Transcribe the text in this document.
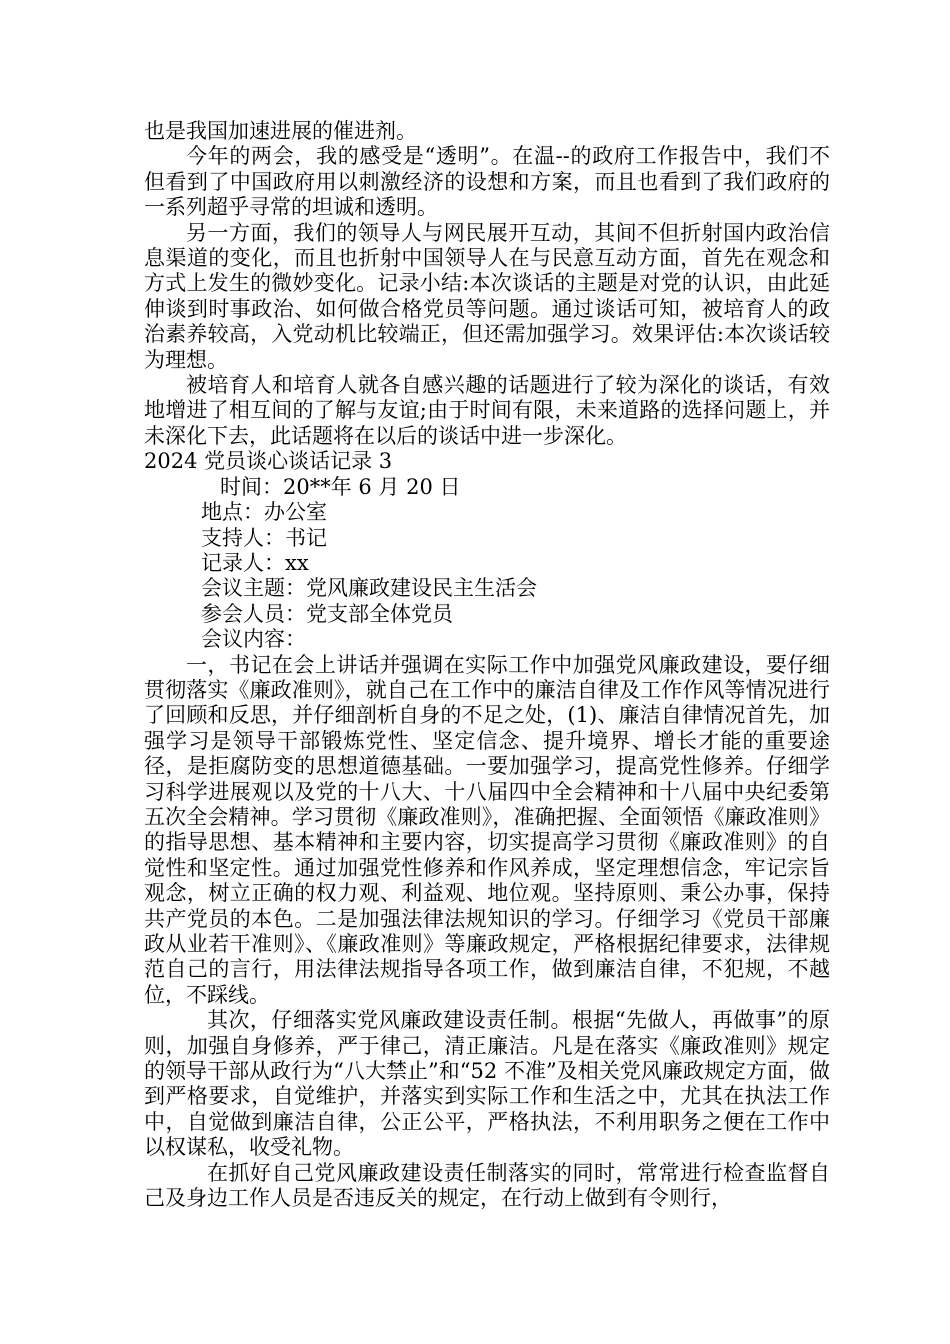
也是我国加速进展的催进剂。

今年的两会，我的感受是“透明”。在温--的政府工作报告中，我们不但看到了中国政府用以刺激经济的设想和方案，而且也看到了我们政府的一系列超乎寻常的坦诚和透明。

另一方面，我们的领导人与网民展开互动，其间不但折射国内政治信息渠道的变化，而且也折射中国领导人在与民意互动方面，首先在观念和方式上发生的微妙变化。记录小结:本次谈话的主题是对党的认识，由此延伸谈到时事政治、如何做合格党员等问题。通过谈话可知，被培育人的政治素养较高，入党动机比较端正，但还需加强学习。效果评估:本次谈话较为理想。

被培育人和培育人就各自感兴趣的话题进行了较为深化的谈话，有效地增进了相互间的了解与友谊;由于时间有限，未来道路的选择问题上，并未深化下去，此话题将在以后的谈话中进一步深化。

2024 党员谈心谈话记录 3

时间：20**年 6 月 20 日

地点：办公室

支持人：书记

记录人：xx

会议主题：党风廉政建设民主生活会

参会人员：党支部全体党员

会议内容：

一，书记在会上讲话并强调在实际工作中加强党风廉政建设，要仔细贯彻落实《廉政准则》，就自己在工作中的廉洁自律及工作作风等情况进行了回顾和反思，并仔细剖析自身的不足之处，(1)、廉洁自律情况首先，加强学习是领导干部锻炼党性、坚定信念、提升境界、增长才能的重要途径，是拒腐防变的思想道德基础。一要加强学习，提高党性修养。仔细学习科学进展观以及党的十八大、十八届四中全会精神和十八届中央纪委第五次全会精神。学习贯彻《廉政准则》，准确把握、全面领悟《廉政准则》的指导思想、基本精神和主要内容，切实提高学习贯彻《廉政准则》的自觉性和坚定性。通过加强党性修养和作风养成，坚定理想信念，牢记宗旨观念，树立正确的权力观、利益观、地位观。坚持原则、秉公办事，保持共产党员的本色。二是加强法律法规知识的学习。仔细学习《党员干部廉政从业若干准则》、《廉政准则》等廉政规定，严格根据纪律要求，法律规范自己的言行，用法律法规指导各项工作，做到廉洁自律，不犯规，不越位，不踩线。

其次，仔细落实党风廉政建设责任制。根据“先做人，再做事”的原则，加强自身修养，严于律己，清正廉洁。凡是在落实《廉政准则》规定的领导干部从政行为“八大禁止”和“52 不准”及相关党风廉政规定方面，做到严格要求，自觉维护，并落实到实际工作和生活之中，尤其在执法工作中，自觉做到廉洁自律，公正公平，严格执法，不利用职务之便在工作中以权谋私，收受礼物。

在抓好自己党风廉政建设责任制落实的同时，常常进行检查监督自己及身边工作人员是否违反关的规定，在行动上做到有令则行，
